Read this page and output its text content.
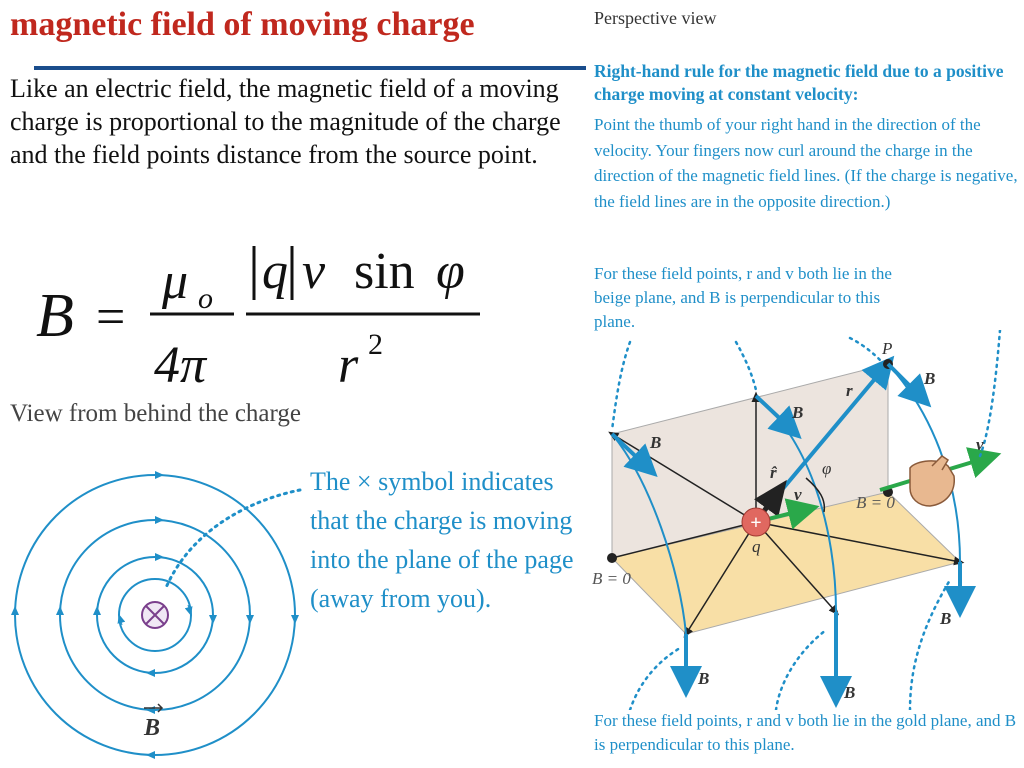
magnetic field of moving charge
Like an electric field, the magnetic field of a moving charge is proportional to the magnitude of the charge and the field points distance from the source point.
B =
μ o
4π
q v sin φ
r 2
View from behind the charge
B
The × symbol indicates that the charge is moving into the plane of the page (away from you).
Perspective view
Right-hand rule for the magnetic field due to a positive charge moving at constant velocity:
Point the thumb of your right hand in the direction of the velocity. Your fingers now curl around the charge in the direction of the magnetic field lines. (If the charge is negative, the field lines are in the opposite direction.)
For these field points, r and v both lie in the beige plane, and B is perpendicular to this plane.
For these field points, r and v both lie in the gold plane, and B is perpendicular to this plane.
+
P
B
B
B
r
r̂
v
v
φ
q
B = 0
B = 0
B
B
B
